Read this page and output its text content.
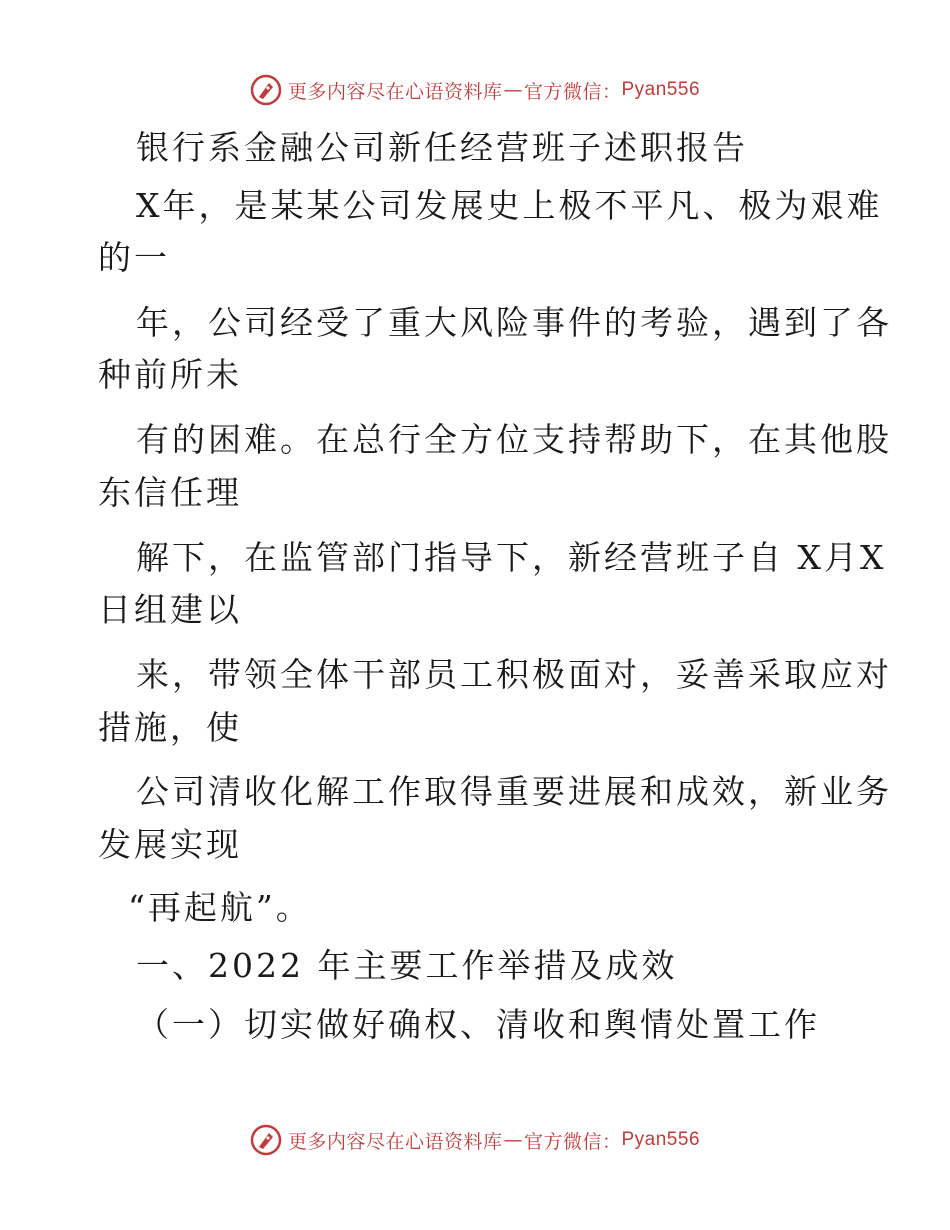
更多内容尽在心语资料库 — 官方微信： Pyan556
银行系金融公司新任经营班子述职报告
X年，是某某公司发展史上极不平凡、极为艰难
的一
年，公司经受了重大风险事件的考验，遇到了各
种前所未
有的困难。在总行全方位支持帮助下，在其他股
东信任理
解下，在监管部门指导下，新经营班子自 X月X
日组建以
来，带领全体干部员工积极面对，妥善采取应对
措施，使
公司清收化解工作取得重要进展和成效，新业务
发展实现
“再起航”。
一、2022 年主要工作举措及成效
（一）切实做好确权、清收和舆情处置工作
更多内容尽在心语资料库 — 官方微信： Pyan556
